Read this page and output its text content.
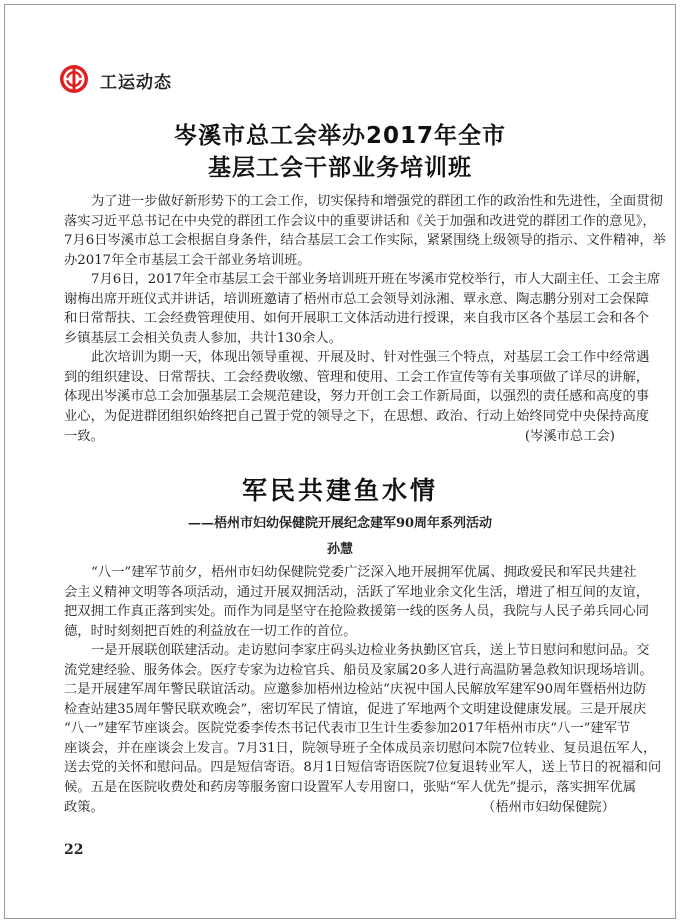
工运动态
岑溪市总工会举办2017年全市
基层工会干部业务培训班
为了进一步做好新形势下的工会工作，切实保持和增强党的群团工作的政治性和先进性，全面贯彻
落实习近平总书记在中央党的群团工作会议中的重要讲话和《关于加强和改进党的群团工作的意见》，
7月6日岑溪市总工会根据自身条件，结合基层工会工作实际，紧紧围绕上级领导的指示、文件精神，举
办2017年全市基层工会干部业务培训班。
7月6日，2017年全市基层工会干部业务培训班开班在岑溪市党校举行，市人大副主任、工会主席
谢梅出席开班仪式并讲话，培训班邀请了梧州市总工会领导刘泳湘、覃永意、陶志鹏分别对工会保障
和日常帮扶、工会经费管理使用、如何开展职工文体活动进行授课，来自我市区各个基层工会和各个
乡镇基层工会相关负责人参加，共计130余人。
此次培训为期一天，体现出领导重视、开展及时、针对性强三个特点，对基层工会工作中经常遇
到的组织建设、日常帮扶、工会经费收缴、管理和使用、工会工作宣传等有关事项做了详尽的讲解，
体现出岑溪市总工会加强基层工会规范建设，努力开创工会工作新局面，以强烈的责任感和高度的事
业心，为促进群团组织始终把自己置于党的领导之下，在思想、政治、行动上始终同党中央保持高度
一致。	(岑溪市总工会)
军民共建鱼水情
——梧州市妇幼保健院开展纪念建军90周年系列活动
孙慧
“八一”建军节前夕，梧州市妇幼保健院党委广泛深入地开展拥军优属、拥政爱民和军民共建社
会主义精神文明等各项活动，通过开展双拥活动，活跃了军地业余文化生活，增进了相互间的友谊，
把双拥工作真正落到实处。而作为同是坚守在抢险救援第一线的医务人员，我院与人民子弟兵同心同
德，时时刻刻把百姓的利益放在一切工作的首位。
一是开展联创联建活动。走访慰问李家庄码头边检业务执勤区官兵，送上节日慰问和慰问品。交
流党建经验、服务体会。医疗专家为边检官兵、船员及家属20多人进行高温防暑急救知识现场培训。
二是开展建军周年警民联谊活动。应邀参加梧州边检站“庆祝中国人民解放军建军90周年暨梧州边防
检查站建35周年警民联欢晚会”，密切军民了情谊，促进了军地两个文明建设健康发展。三是开展庆
“八一”建军节座谈会。医院党委李传杰书记代表市卫生计生委参加2017年梧州市庆“八一”建军节
座谈会，并在座谈会上发言。7月31日，院领导班子全体成员亲切慰问本院7位转业、复员退伍军人，
送去党的关怀和慰问品。四是短信寄语。8月1日短信寄语医院7位复退转业军人，送上节日的祝福和问
候。五是在医院收费处和药房等服务窗口设置军人专用窗口，张贴“军人优先”提示，落实拥军优属
政策。	（梧州市妇幼保健院）
22
